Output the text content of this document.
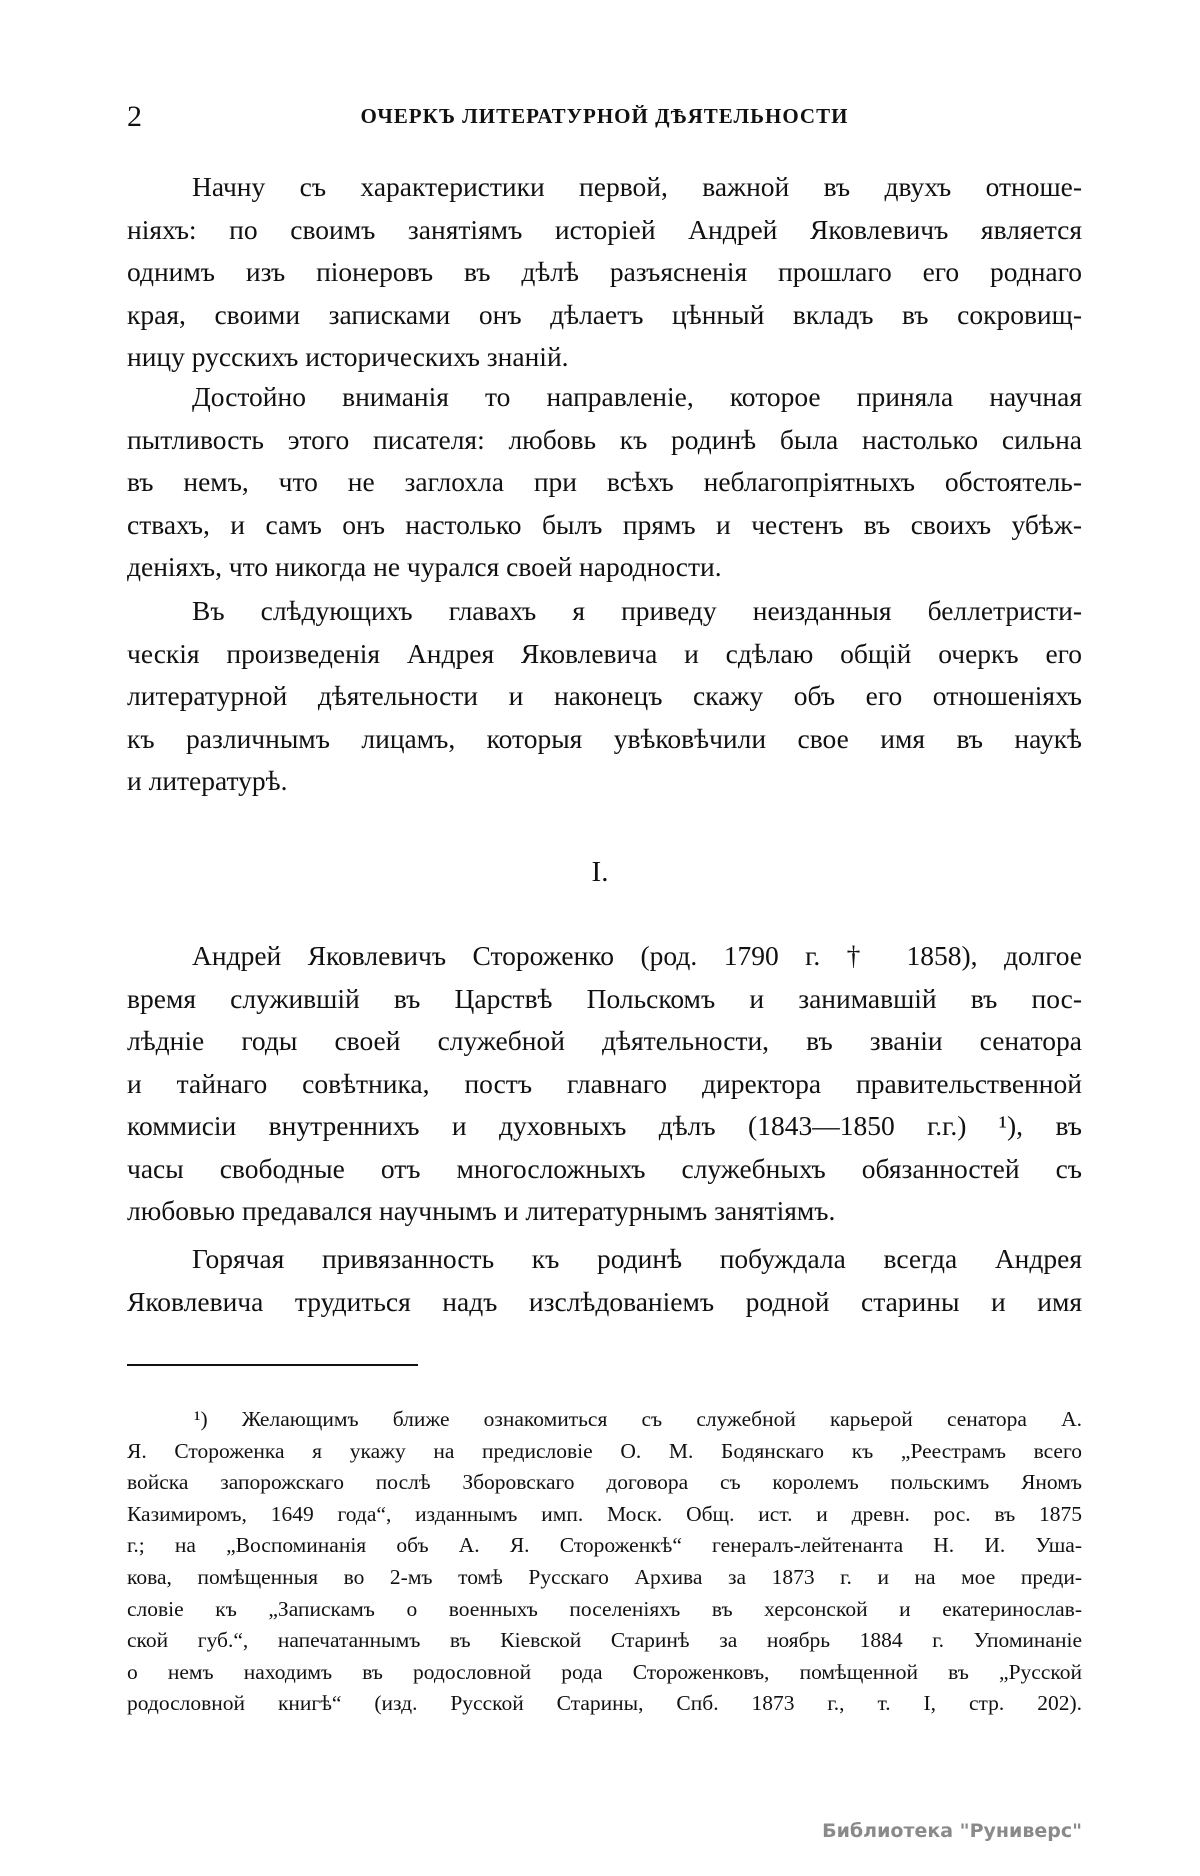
2	ОЧЕРКЪ ЛИТЕРАТУРНОЙ ДѢЯТЕЛЬНОСТИ
Начну съ характеристики первой, важной въ двухъ отноше-
ніяхъ: по своимъ занятіямъ исторіей Андрей Яковлевичъ является
однимъ изъ піонеровъ въ дѣлѣ разъясненія прошлаго его роднаго
края, своими записками онъ дѣлаетъ цѣнный вкладъ въ сокровищ-
ницу русскихъ историческихъ знаній.
Достойно вниманія то направленіе, которое приняла научная
пытливость этого писателя: любовь къ родинѣ была настолько сильна
въ немъ, что не заглохла при всѣхъ неблагопріятныхъ обстоятель-
ствахъ, и самъ онъ настолько былъ прямъ и честенъ въ своихъ убѣж-
деніяхъ, что никогда не чурался своей народности.
Въ слѣдующихъ главахъ я приведу неизданныя беллетристи-
ческія произведенія Андрея Яковлевича и сдѣлаю общій очеркъ его
литературной дѣятельности и наконецъ скажу объ его отношеніяхъ
къ различнымъ лицамъ, которыя увѣковѣчили свое имя въ наукѣ
и литературѣ.
I.
Андрей Яковлевичъ Стороженко (род. 1790 г. † 1858), долгое
время служившій въ Царствѣ Польскомъ и занимавшій въ пос-
лѣдніе годы своей служебной дѣятельности, въ званіи сенатора
и тайнаго совѣтника, постъ главнаго директора правительственной
коммисіи внутреннихъ и духовныхъ дѣлъ (1843—1850 г.г.) ¹), въ
часы свободные отъ многосложныхъ служебныхъ обязанностей съ
любовью предавался научнымъ и литературнымъ занятіямъ.
Горячая привязанность къ родинѣ побуждала всегда Андрея
Яковлевича трудиться надъ изслѣдованіемъ родной старины и имя
¹) Желающимъ ближе ознакомиться съ служебной карьерой сенатора А.
Я. Стороженка я укажу на предисловіе О. М. Бодянскаго къ „Реестрамъ всего
войска запорожскаго послѣ Зборовскаго договора съ королемъ польскимъ Яномъ
Казимиромъ, 1649 года“, изданнымъ имп. Моск. Общ. ист. и древн. рос. въ 1875
г.; на „Воспоминанія объ А. Я. Стороженкѣ“ генералъ-лейтенанта Н. И. Ушa-
кова, помѣщенныя во 2-мъ томѣ Русскаго Архива за 1873 г. и на мое преди-
словіе къ „Запискамъ о военныхъ поселеніяхъ въ херсонской и екатеринослав-
ской губ.“, напечатаннымъ въ Кіевской Старинѣ за ноябрь 1884 г. Упоминаніе
о немъ находимъ въ родословной рода Стороженковъ, помѣщенной въ „Русской
родословной книгѣ“ (изд. Русской Старины, Спб. 1873 г., т. I, стр. 202).
Библиотека "Руниверс"
